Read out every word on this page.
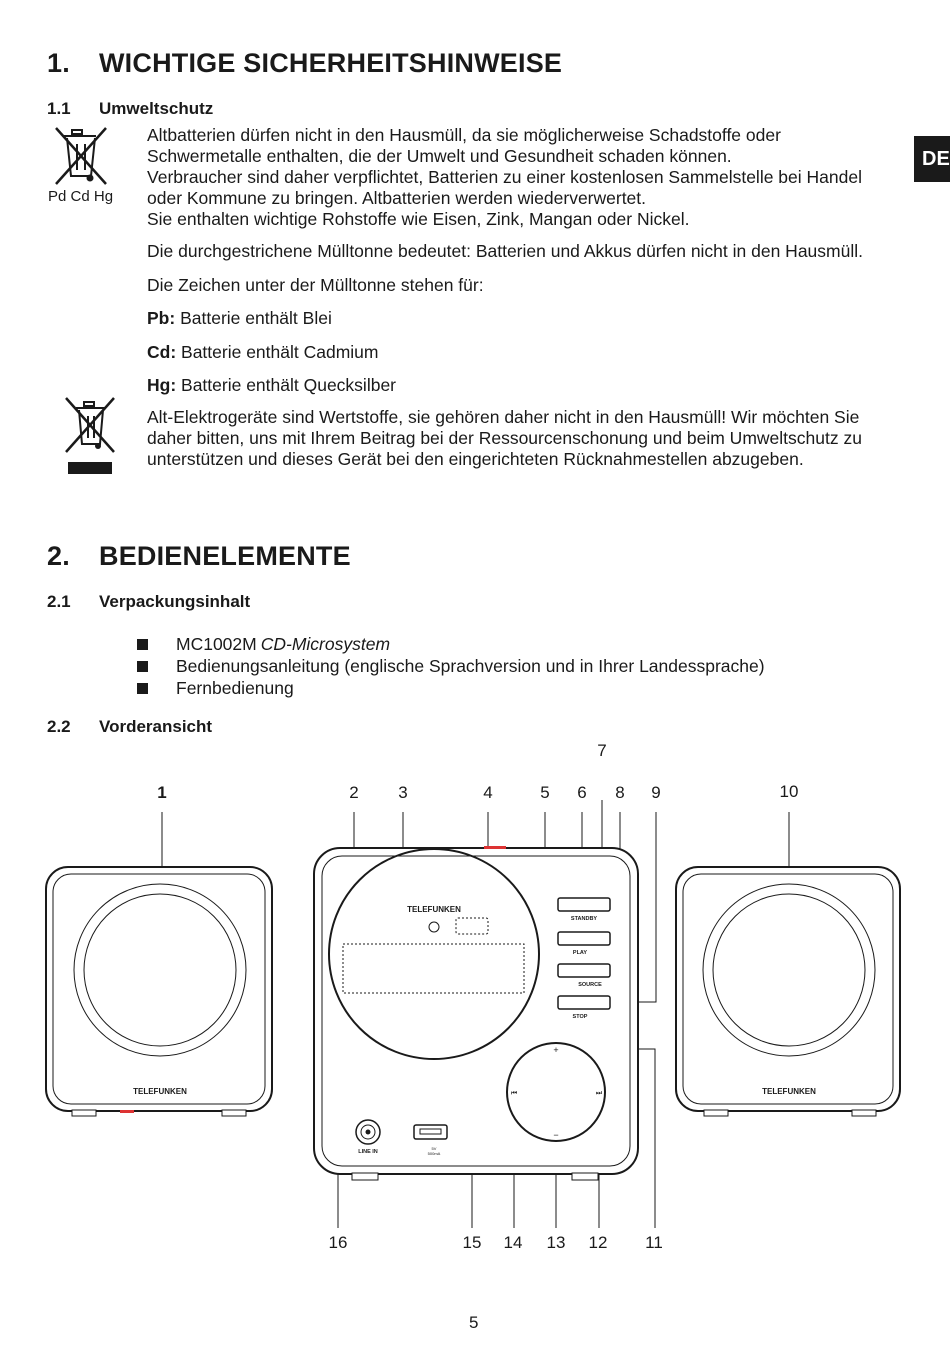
DE
1. WICHTIGE SICHERHEITSHINWEISE
1.1 Umweltschutz
Pd Cd Hg
Altbatterien dürfen nicht in den Hausmüll, da sie möglicherweise Schadstoffe oder
Schwermetalle enthalten, die der Umwelt und Gesundheit schaden können.
Verbraucher sind daher verpflichtet, Batterien zu einer kostenlosen Sammelstelle bei Handel
oder Kommune zu bringen. Altbatterien werden wiederverwertet.
Sie enthalten wichtige Rohstoffe wie Eisen, Zink, Mangan oder Nickel.
Die durchgestrichene Mülltonne bedeutet: Batterien und Akkus dürfen nicht in den Hausmüll.
Die Zeichen unter der Mülltonne stehen für:
Pb: Batterie enthält Blei
Cd: Batterie enthält Cadmium
Hg: Batterie enthält Quecksilber
Alt-Elektrogeräte sind Wertstoffe, sie gehören daher nicht in den Hausmüll! Wir möchten Sie
daher bitten, uns mit Ihrem Beitrag bei der Ressourcenschonung und beim Umweltschutz zu
unterstützen und dieses Gerät bei den eingerichteten Rücknahmestellen abzugeben.
2. BEDIENELEMENTE
2.1 Verpackungsinhalt
MC1002M CD-Microsystem
Bedienungsanleitung (englische Sprachversion und in Ihrer Landessprache)
Fernbedienung
2.2 Vorderansicht
1	2 3	4	5 6
7
8 9	10
16	15 14 13 12 11
TELEFUNKEN	TELEFUNKEN
TELEFUNKEN
STANDBY
PLAY
SOURCE
STOP
+
−
⏮	⏭
LINE IN
5V
500mA
5
